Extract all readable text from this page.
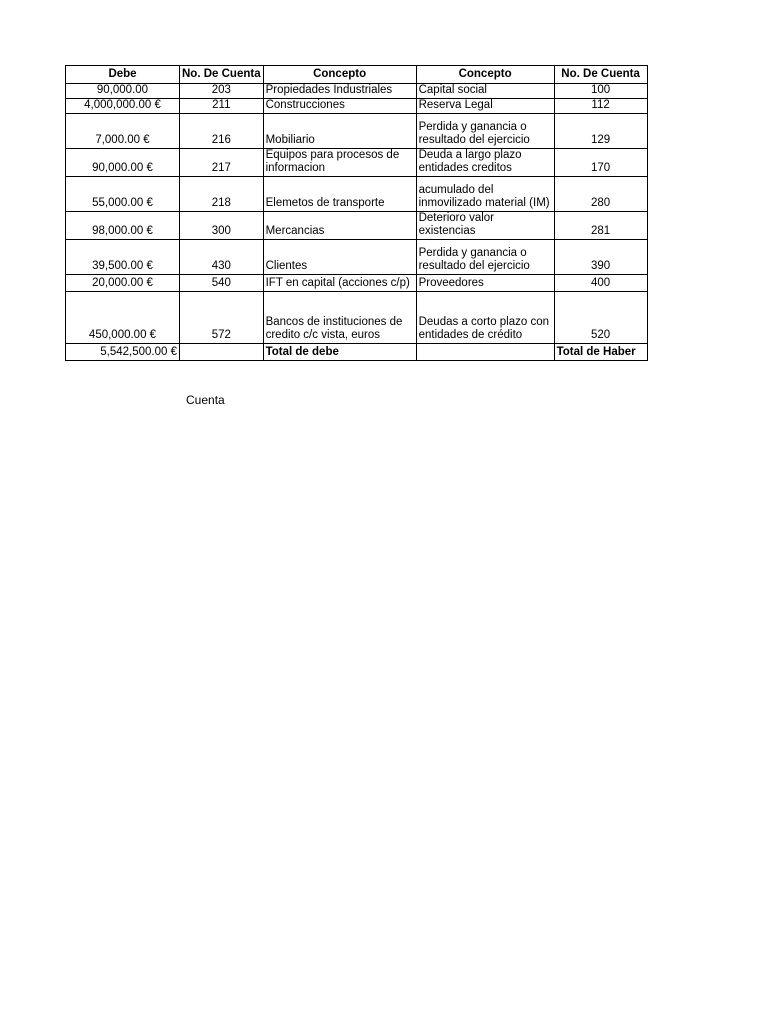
Debe	No. De Cuenta	Concepto	Concepto	No. De Cuenta
90,000.00	203	Propiedades Industriales	Capital social	100
4,000,000.00 €	211	Construcciones	Reserva Legal	112
7,000.00 €	216	Mobiliario	Perdida y ganancia o resultado del ejercicio	129
90,000.00 €	217	Equipos para procesos de informacion	Deuda a largo plazo entidades creditos	170
55,000.00 €	218	Elemetos de transporte	acumulado del inmovilizado material (IM)	280
98,000.00 €	300	Mercancias	Deterioro valor existencias	281
39,500.00 €	430	Clientes	Perdida y ganancia o resultado del ejercicio	390
20,000.00 €	540	IFT en capital (acciones c/p)	Proveedores	400
450,000.00 €	572	Bancos de instituciones de credito c/c vista, euros	Deudas a corto plazo con entidades de crédito	520
5,542,500.00 €		Total de debe		Total de Haber
Cuenta
